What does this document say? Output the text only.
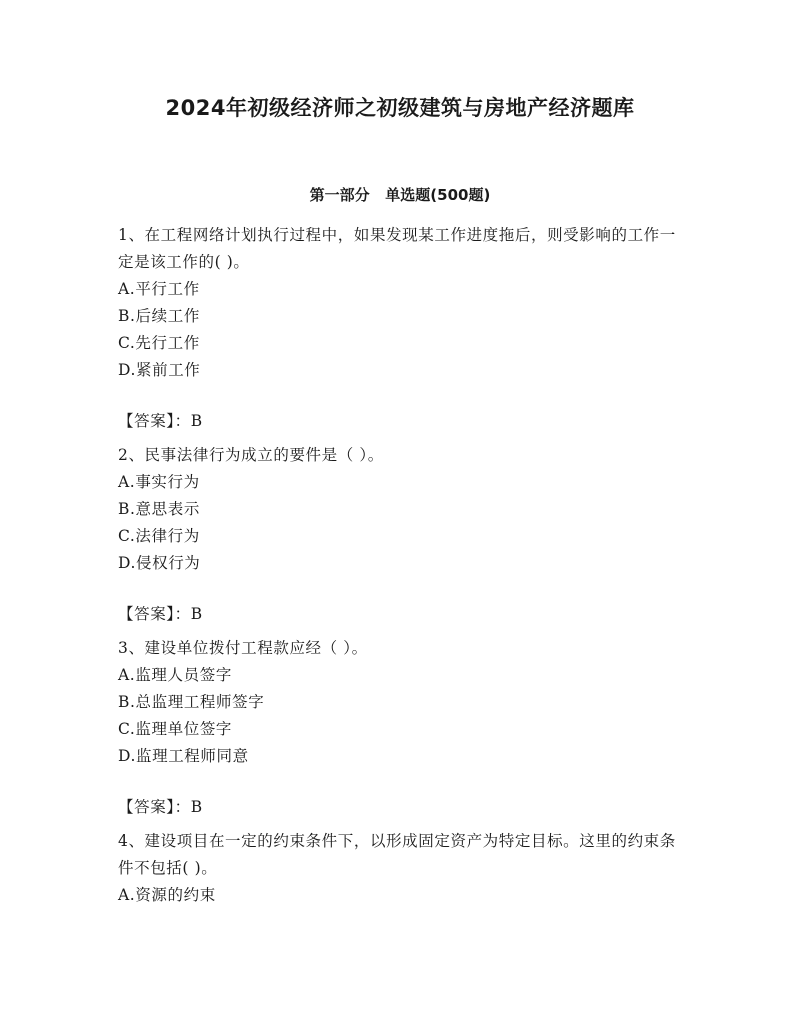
2024年初级经济师之初级建筑与房地产经济题库
第一部分   单选题(500题)

1、在工程网络计划执行过程中，如果发现某工作进度拖后，则受影响的工作一定是该工作的( )。

A.平行工作

B.后续工作

C.先行工作

D.紧前工作

【答案】：B

2、民事法律行为成立的要件是（ ）。

A.事实行为

B.意思表示

C.法律行为

D.侵权行为

【答案】：B

3、建设单位拨付工程款应经（ ）。

A.监理人员签字

B.总监理工程师签字

C.监理单位签字

D.监理工程师同意

【答案】：B

4、建设项目在一定的约束条件下，以形成固定资产为特定目标。这里的约束条件不包括( )。

A.资源的约束
